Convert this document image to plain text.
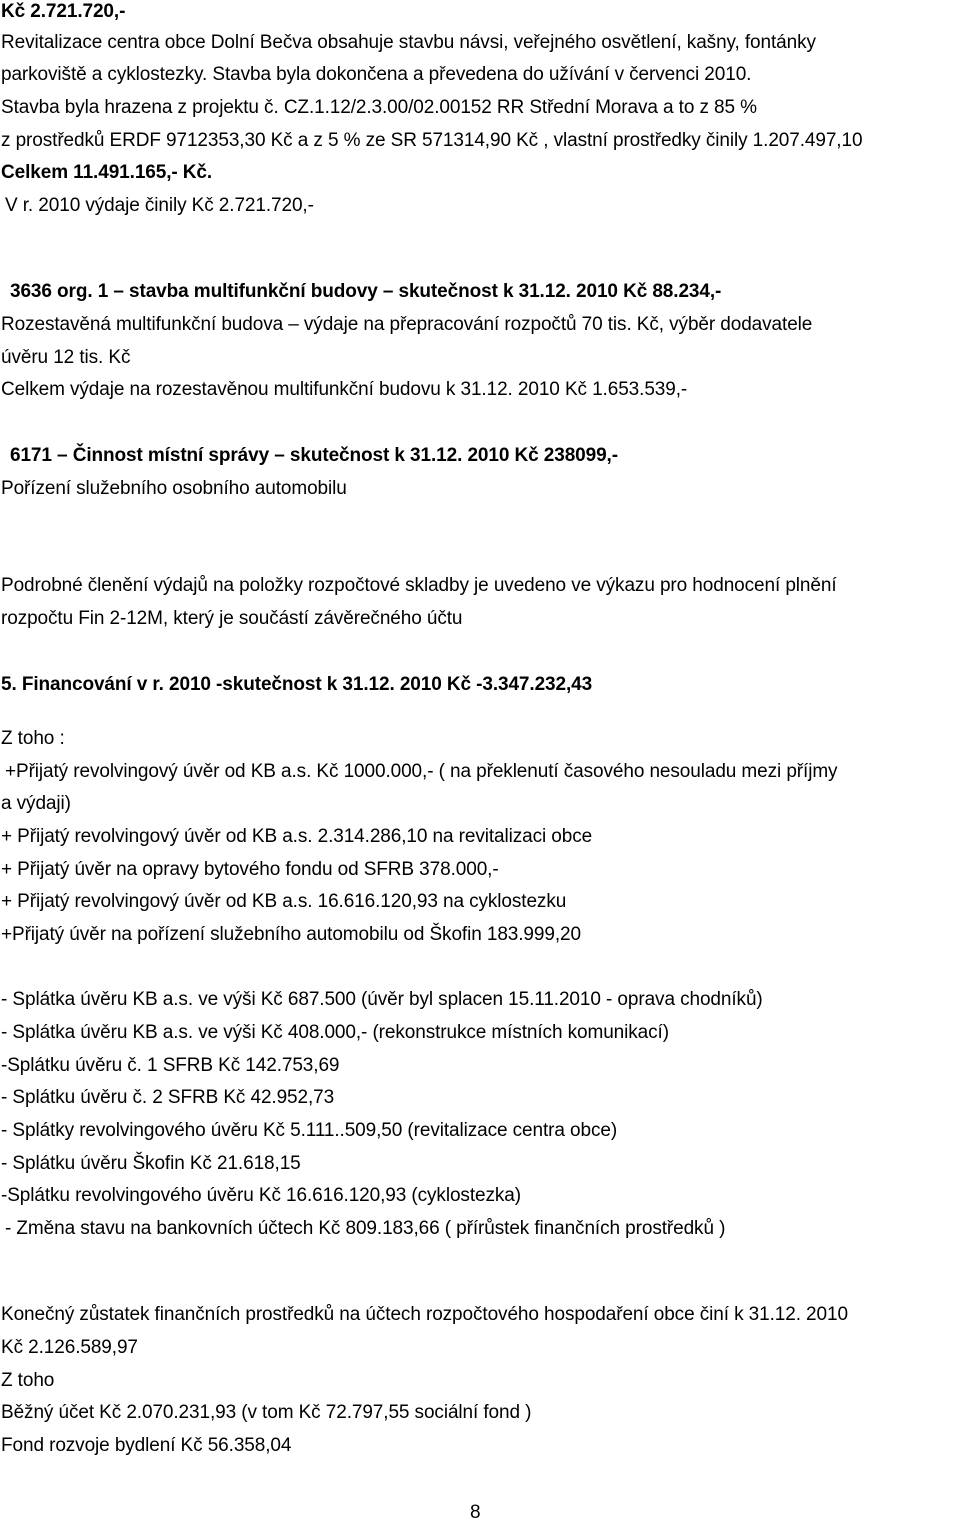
Kč 2.721.720,-
Revitalizace centra obce Dolní Bečva obsahuje stavbu návsi, veřejného osvětlení, kašny, fontánky
parkoviště a cyklostezky. Stavba byla dokončena a převedena do užívání v červenci 2010.
Stavba byla hrazena z projektu č. CZ.1.12/2.3.00/02.00152 RR Střední Morava a to z 85 %
z prostředků ERDF 9712353,30 Kč a z 5 % ze SR 571314,90 Kč , vlastní prostředky činily 1.207.497,10
Celkem 11.491.165,- Kč.
V r. 2010 výdaje činily Kč 2.721.720,-
3636 org. 1 – stavba multifunkční budovy – skutečnost k 31.12. 2010 Kč 88.234,-
Rozestavěná multifunkční budova – výdaje na přepracování rozpočtů 70 tis. Kč, výběr dodavatele
úvěru 12 tis. Kč
Celkem výdaje na rozestavěnou multifunkční budovu k 31.12. 2010 Kč 1.653.539,-
6171 – Činnost místní správy – skutečnost k 31.12. 2010 Kč 238099,-
Pořízení služebního osobního automobilu
Podrobné členění výdajů na položky rozpočtové skladby je uvedeno ve výkazu pro hodnocení plnění
rozpočtu Fin 2-12M, který je součástí závěrečného účtu
5. Financování v r. 2010 -skutečnost k 31.12. 2010 Kč -3.347.232,43
Z toho :
+Přijatý revolvingový úvěr od KB a.s. Kč 1000.000,- ( na překlenutí časového nesouladu mezi příjmy
a výdaji)
+ Přijatý revolvingový úvěr od KB a.s. 2.314.286,10 na revitalizaci obce
+ Přijatý úvěr na opravy bytového fondu od SFRB 378.000,-
+ Přijatý revolvingový úvěr od KB a.s. 16.616.120,93 na cyklostezku
+Přijatý úvěr na pořízení služebního automobilu od Škofin 183.999,20
- Splátka úvěru KB a.s. ve výši Kč 687.500 (úvěr byl splacen 15.11.2010 - oprava chodníků)
- Splátka úvěru KB a.s. ve výši Kč 408.000,- (rekonstrukce místních komunikací)
-Splátku úvěru č. 1 SFRB Kč 142.753,69
- Splátku úvěru č. 2 SFRB Kč 42.952,73
- Splátky revolvingového úvěru Kč 5.111..509,50 (revitalizace centra obce)
- Splátku úvěru Škofin Kč 21.618,15
-Splátku revolvingového úvěru Kč 16.616.120,93 (cyklostezka)
- Změna stavu na bankovních účtech Kč 809.183,66 ( přírůstek finančních prostředků )
Konečný zůstatek finančních prostředků na účtech rozpočtového hospodaření obce činí k 31.12. 2010
Kč 2.126.589,97
Z toho
Běžný účet Kč 2.070.231,93 (v tom Kč 72.797,55 sociální fond )
Fond rozvoje bydlení Kč 56.358,04
8
